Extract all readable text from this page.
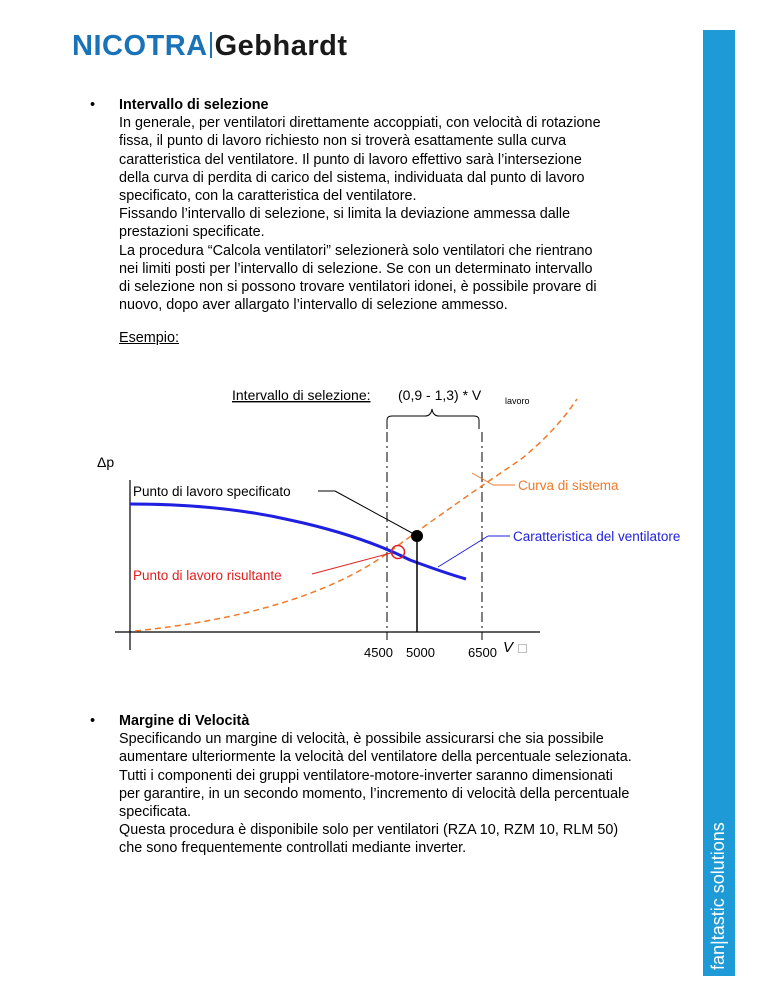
NICOTRA Gebhardt
fan|tastic solutions
• Intervallo di selezione
In generale, per ventilatori direttamente accoppiati, con velocità di rotazione
fissa, il punto di lavoro richiesto non si troverà esattamente sulla curva
caratteristica del ventilatore. Il punto di lavoro effettivo sarà l’intersezione
della curva di perdita di carico del sistema, individuata dal punto di lavoro
specificato, con la caratteristica del ventilatore.
Fissando l’intervallo di selezione, si limita la deviazione ammessa dalle
prestazioni specificate.
La procedura “Calcola ventilatori” selezionerà solo ventilatori che rientrano
nei limiti posti per l’intervallo di selezione. Se con un determinato intervallo
di selezione non si possono trovare ventilatori idonei, è possibile provare di
nuovo, dopo aver allargato l’intervallo di selezione ammesso.
Esempio:
Intervallo di selezione: (0,9 - 1,3) * V	lavoro
Δp
V ⃞
4500 5000	6500
Punto di lavoro specificato	Curva di sistema
Caratteristica del ventilatore
Punto di lavoro risultante
• Margine di Velocità
Specificando un margine di velocità, è possibile assicurarsi che sia possibile
aumentare ulteriormente la velocità del ventilatore della percentuale selezionata.
Tutti i componenti dei gruppi ventilatore-motore-inverter saranno dimensionati
per garantire, in un secondo momento, l’incremento di velocità della percentuale
specificata.
Questa procedura è disponibile solo per ventilatori (RZA 10, RZM 10, RLM 50)
che sono frequentemente controllati mediante inverter.
